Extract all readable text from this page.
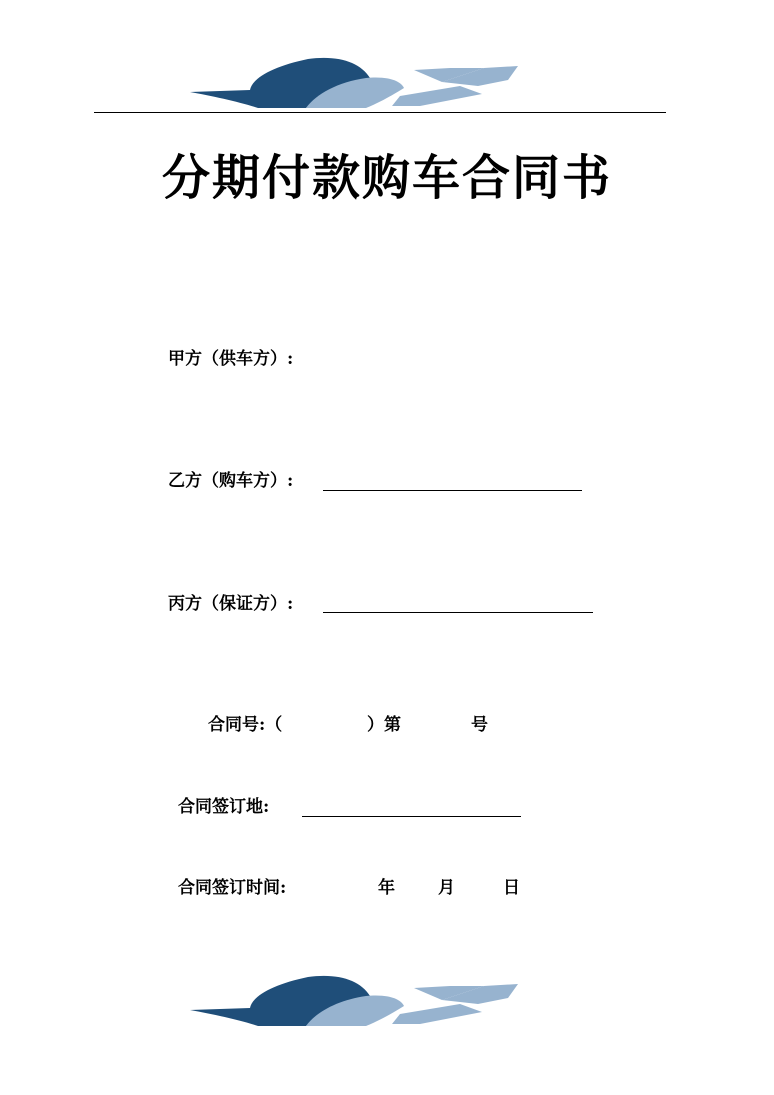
分期付款购车合同书
甲方（供车方）:
乙方（购车方）:
丙方（保证方）:
合同号:（	）第	号
合同签订地:
合同签订时间:	年	月	日
